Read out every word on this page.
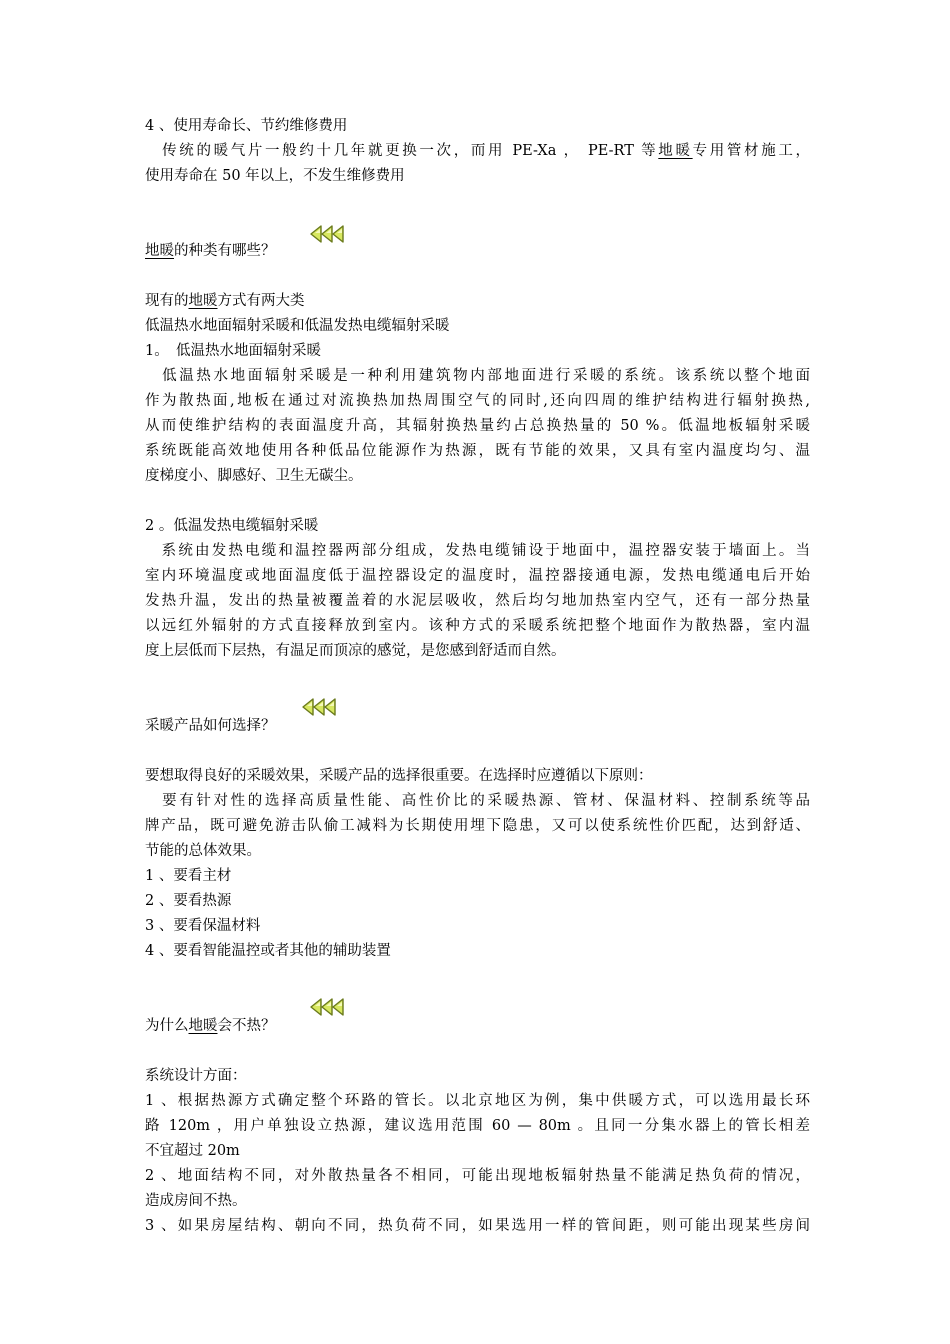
4 、使用寿命长、节约维修费用
　传统的暖气片一般约十几年就更换一次，而用 PE-Xa ， PE-RT 等地暖专用管材施工，
使用寿命在 50 年以上，不发生维修费用
地暖的种类有哪些？
现有的地暖方式有两大类
低温热水地面辐射采暖和低温发热电缆辐射采暖
1。　低温热水地面辐射采暖
　低温热水地面辐射采暖是一种利用建筑物内部地面进行采暖的系统。该系统以整个地面
作为散热面,地板在通过对流换热加热周围空气的同时,还向四周的维护结构进行辐射换热,
从而使维护结构的表面温度升高，其辐射换热量约占总换热量的 50 %。低温地板辐射采暖
系统既能高效地使用各种低品位能源作为热源，既有节能的效果，又具有室内温度均匀、温
度梯度小、脚感好、卫生无碳尘。
2 。低温发热电缆辐射采暖
　系统由发热电缆和温控器两部分组成，发热电缆铺设于地面中，温控器安装于墙面上。当
室内环境温度或地面温度低于温控器设定的温度时，温控器接通电源，发热电缆通电后开始
发热升温，发出的热量被覆盖着的水泥层吸收，然后均匀地加热室内空气，还有一部分热量
以远红外辐射的方式直接释放到室内。该种方式的采暖系统把整个地面作为散热器，室内温
度上层低而下层热，有温足而顶凉的感觉，是您感到舒适而自然。
采暖产品如何选择？
要想取得良好的采暖效果，采暖产品的选择很重要。在选择时应遵循以下原则：
　要有针对性的选择高质量性能、高性价比的采暖热源、管材、保温材料、控制系统等品
牌产品，既可避免游击队偷工减料为长期使用埋下隐患，又可以使系统性价匹配，达到舒适、
节能的总体效果。
1 、要看主材
2 、要看热源
3 、要看保温材料
4 、要看智能温控或者其他的辅助装置
为什么地暖会不热？
系统设计方面：
1 、根据热源方式确定整个环路的管长。以北京地区为例，集中供暖方式，可以选用最长环
路 120m ，用户单独设立热源，建议选用范围 60 — 80m 。且同一分集水器上的管长相差
不宜超过 20m
2 、地面结构不同，对外散热量各不相同，可能出现地板辐射热量不能满足热负荷的情况，
造成房间不热。
3 、如果房屋结构、朝向不同，热负荷不同，如果选用一样的管间距，则可能出现某些房间
